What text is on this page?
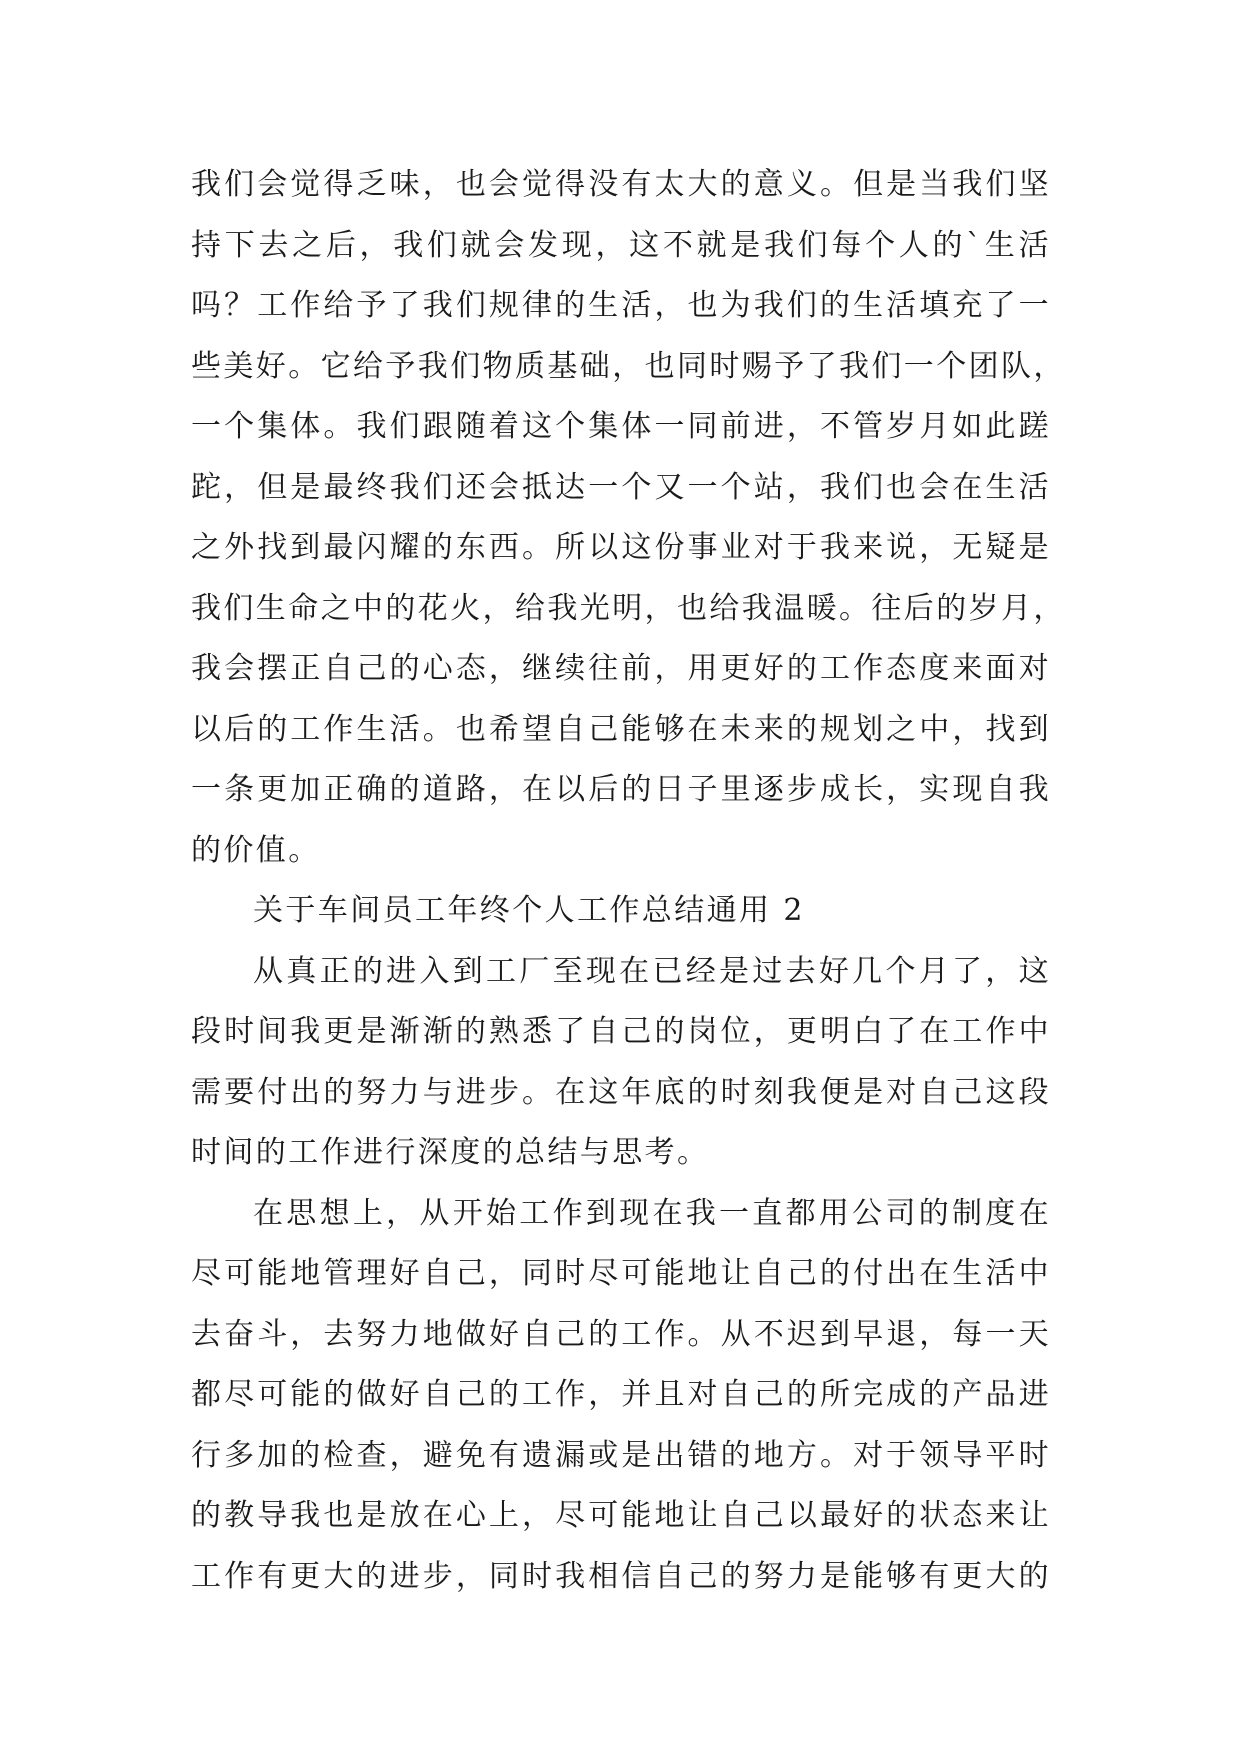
我们会觉得乏味，也会觉得没有太大的意义。但是当我们坚
持下去之后，我们就会发现，这不就是我们每个人的`生活
吗？工作给予了我们规律的生活，也为我们的生活填充了一
些美好。它给予我们物质基础，也同时赐予了我们一个团队，
一个集体。我们跟随着这个集体一同前进，不管岁月如此蹉
跎，但是最终我们还会抵达一个又一个站，我们也会在生活
之外找到最闪耀的东西。所以这份事业对于我来说，无疑是
我们生命之中的花火，给我光明，也给我温暖。往后的岁月，
我会摆正自己的心态，继续往前，用更好的工作态度来面对
以后的工作生活。也希望自己能够在未来的规划之中，找到
一条更加正确的道路，在以后的日子里逐步成长，实现自我
的价值。
关于车间员工年终个人工作总结通用 2
从真正的进入到工厂至现在已经是过去好几个月了，这
段时间我更是渐渐的熟悉了自己的岗位，更明白了在工作中
需要付出的努力与进步。在这年底的时刻我便是对自己这段
时间的工作进行深度的总结与思考。
在思想上，从开始工作到现在我一直都用公司的制度在
尽可能地管理好自己，同时尽可能地让自己的付出在生活中
去奋斗，去努力地做好自己的工作。从不迟到早退，每一天
都尽可能的做好自己的工作，并且对自己的所完成的产品进
行多加的检查，避免有遗漏或是出错的地方。对于领导平时
的教导我也是放在心上，尽可能地让自己以最好的状态来让
工作有更大的进步，同时我相信自己的努力是能够有更大的
